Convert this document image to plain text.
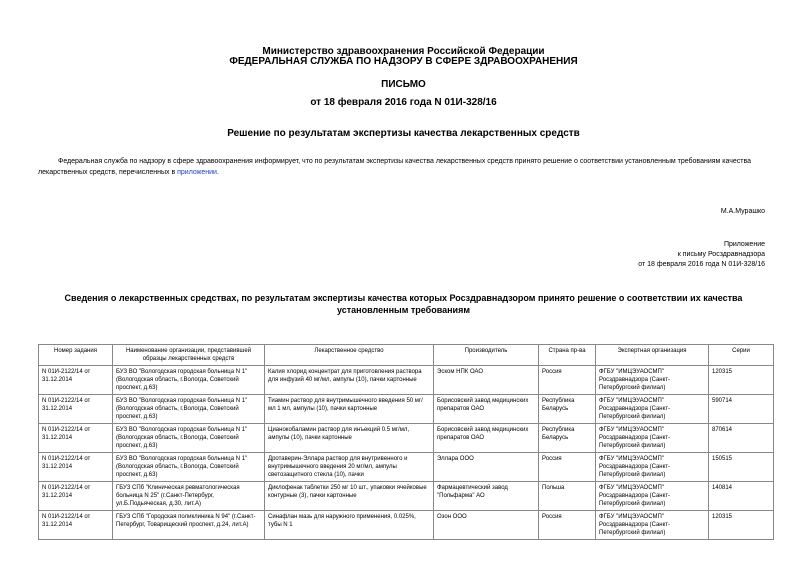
Министерство здравоохранения Российской Федерации
ФЕДЕРАЛЬНАЯ СЛУЖБА ПО НАДЗОРУ В СФЕРЕ ЗДРАВООХРАНЕНИЯ
ПИСЬМО
от 18 февраля 2016 года N 01И-328/16
Решение по результатам экспертизы качества лекарственных средств
Федеральная служба по надзору в сфере здравоохранения информирует, что по результатам экспертизы качества лекарственных средств принято решение о соответствии установленным требованиям качества лекарственных средств, перечисленных в приложении.
М.А.Мурашко
Приложение
к письму Росздравнадзора
от 18 февраля 2016 года N 01И-328/16
Сведения о лекарственных средствах, по результатам экспертизы качества которых Росздравнадзором принято решение о соответствии их качества установленным требованиям
Номер задания	Наименование организации, представившей образцы лекарственных средств	Лекарственное средство	Производитель	Страна пр-ва	Экспертная организация	Серии
N 01И-2122/14 от 31.12.2014	БУЗ ВО "Вологодская городская больница N 1" (Вологодская область, г.Вологда, Советский проспект, д.63)	Калия хлорид концентрат для приготовления раствора для инфузий 40 мг/мл, ампулы (10), пачки картонные	Эском НПК ОАО	Россия	ФГБУ "ИМЦЭУАОСМП" Росздравнадзора (Санкт-Петербургский филиал)	120315
N 01И-2122/14 от 31.12.2014	БУЗ ВО "Вологодская городская больница N 1" (Вологодская область, г.Вологда, Советский проспект, д.63)	Тиамин раствор для внутримышечного введения 50 мг/мл 1 мл, ампулы (10), пачки картонные	Борисовский завод медицинских препаратов ОАО	Республика Беларусь	ФГБУ "ИМЦЭУАОСМП" Росздравнадзора (Санкт-Петербургский филиал)	590714
N 01И-2122/14 от 31.12.2014	БУЗ ВО "Вологодская городская больница N 1" (Вологодская область, г.Вологда, Советский проспект, д.63)	Цианокобаламин раствор для инъекций 0.5 мг/мл, ампулы (10), пачки картонные	Борисовский завод медицинских препаратов ОАО	Республика Беларусь	ФГБУ "ИМЦЭУАОСМП" Росздравнадзора (Санкт-Петербургский филиал)	870614
N 01И-2122/14 от 31.12.2014	БУЗ ВО "Вологодская городская больница N 1" (Вологодская область, г.Вологда, Советский проспект, д.63)	Дротаверин-Эллара раствор для внутривенного и внутримышечного введения 20 мг/мл, ампулы светозащитного стекла (10), пачки	Эллара ООО	Россия	ФГБУ "ИМЦЭУАОСМП" Росздравнадзора (Санкт-Петербургский филиал)	150515
N 01И-2122/14 от 31.12.2014	ГБУЗ СПб "Клиническая ревматологическая больница N 25" (г.Санкт-Петербург, ул.Б.Подьяческая, д.30, лит.А)	Диклофенак таблетки 250 мг 10 шт., упаковки ячейковые контурные (3), пачки картонные	Фармацевтический завод "Польфарма" АО	Польша	ФГБУ "ИМЦЭУАОСМП" Росздравнадзора (Санкт-Петербургский филиал)	140814
N 01И-2122/14 от 31.12.2014	ГБУЗ СПб "Городская поликлиника N 94" (г.Санкт-Петербург, Товарищеский проспект, д.24, лит.А)	Синафлан мазь для наружного применения, 0.025%, тубы N 1	Озон ООО	Россия	ФГБУ "ИМЦЭУАОСМП" Росздравнадзора (Санкт-Петербургский филиал)	120315
